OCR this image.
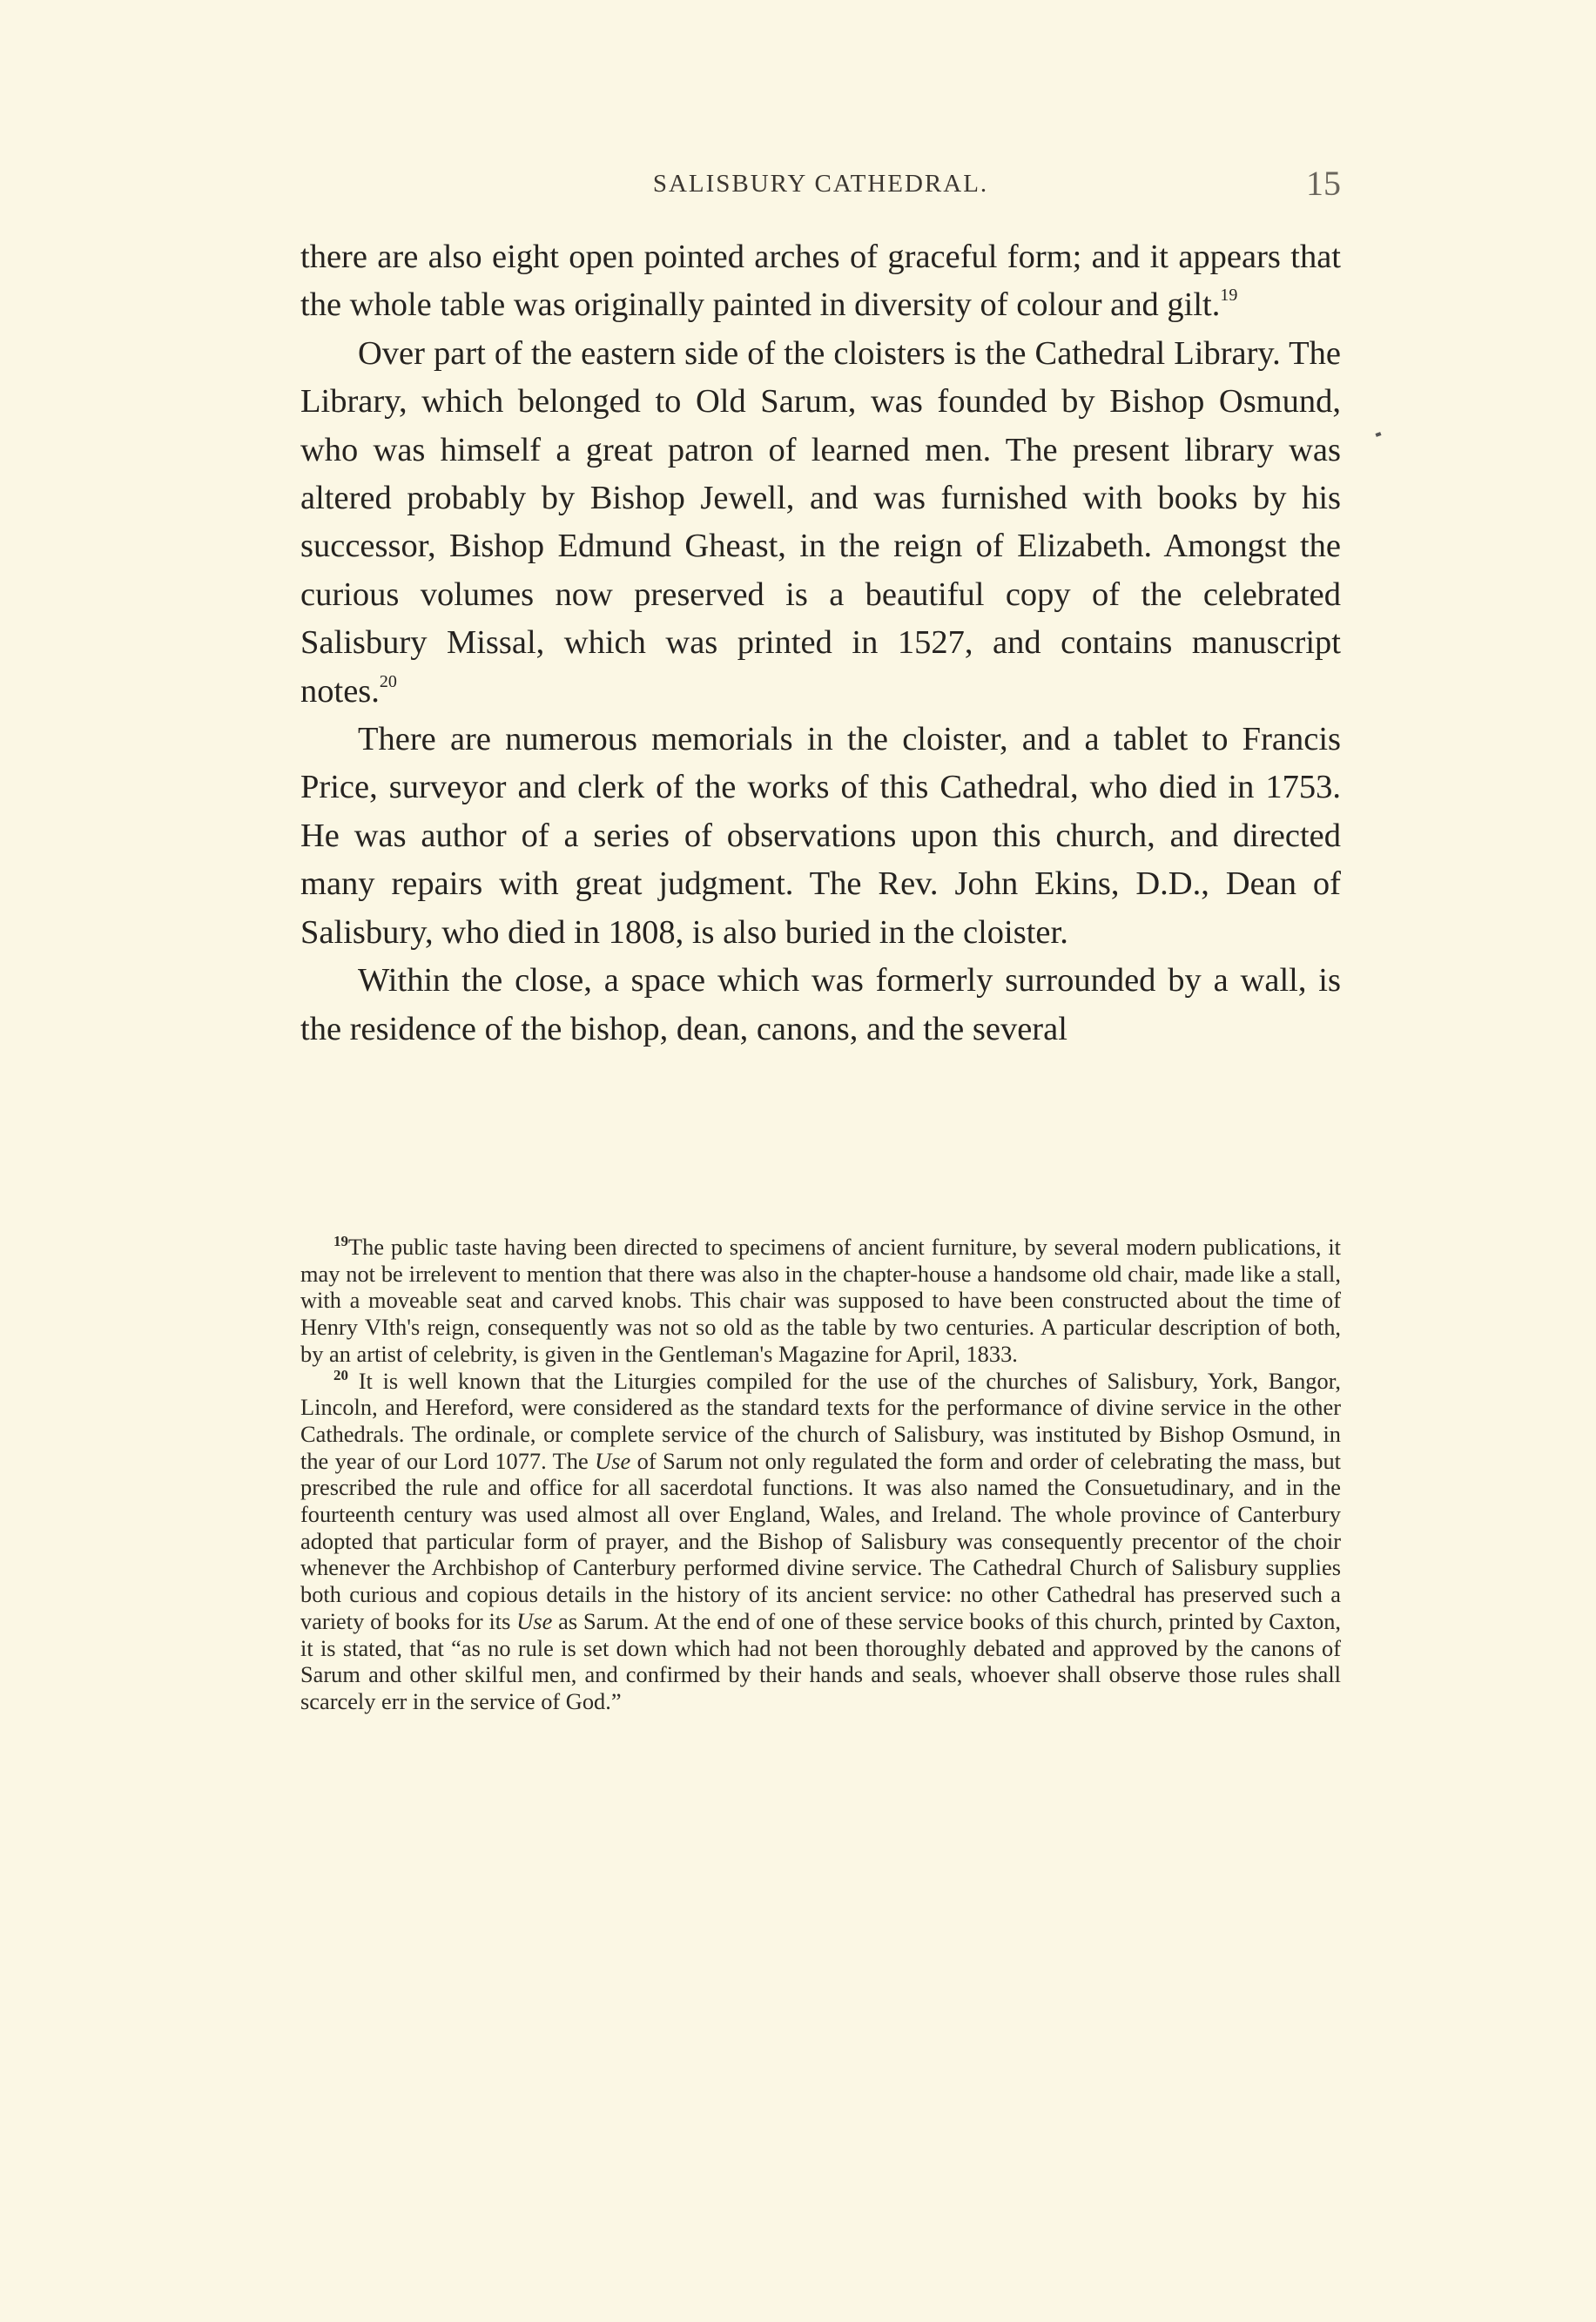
SALISBURY CATHEDRAL.	15

there are also eight open pointed arches of graceful form; and it appears that the whole table was originally painted in diversity of colour and gilt.$^{19}$

Over part of the eastern side of the cloisters is the Cathedral Library. The Library, which belonged to Old Sarum, was founded by Bishop Osmund, who was himself a great patron of learned men. The present library was altered probably by Bishop Jewell, and was furnished with books by his successor, Bishop Edmund Gheast, in the reign of Elizabeth. Amongst the curious volumes now preserved is a beautiful copy of the celebrated Salisbury Missal, which was printed in 1527, and contains manuscript notes.$^{20}$

There are numerous memorials in the cloister, and a tablet to Francis Price, surveyor and clerk of the works of this Cathedral, who died in 1753. He was author of a series of observations upon this church, and directed many repairs with great judgment. The Rev. John Ekins, D.D., Dean of Salisbury, who died in 1808, is also buried in the cloister.

Within the close, a space which was formerly surrounded by a wall, is the residence of the bishop, dean, canons, and the several

$^{19}$The public taste having been directed to specimens of ancient furniture, by several modern publications, it may not be irrelevent to mention that there was also in the chapter-house a handsome old chair, made like a stall, with a moveable seat and carved knobs. This chair was supposed to have been constructed about the time of Henry VIth's reign, consequently was not so old as the table by two centuries. A particular description of both, by an artist of celebrity, is given in the Gentleman's Magazine for April, 1833.

$^{20}$ It is well known that the Liturgies compiled for the use of the churches of Salisbury, York, Bangor, Lincoln, and Hereford, were considered as the standard texts for the performance of divine service in the other Cathedrals. The ordinale, or complete service of the church of Salisbury, was instituted by Bishop Osmund, in the year of our Lord 1077. The Use of Sarum not only regulated the form and order of celebrating the mass, but prescribed the rule and office for all sacerdotal functions. It was also named the Consuetudinary, and in the fourteenth century was used almost all over England, Wales, and Ireland. The whole province of Canterbury adopted that particular form of prayer, and the Bishop of Salisbury was consequently precentor of the choir whenever the Archbishop of Canterbury performed divine service. The Cathedral Church of Salisbury supplies both curious and copious details in the history of its ancient service: no other Cathedral has preserved such a variety of books for its Use as Sarum. At the end of one of these service books of this church, printed by Caxton, it is stated, that “as no rule is set down which had not been thoroughly debated and approved by the canons of Sarum and other skilful men, and confirmed by their hands and seals, whoever shall observe those rules shall scarcely err in the service of God.”
